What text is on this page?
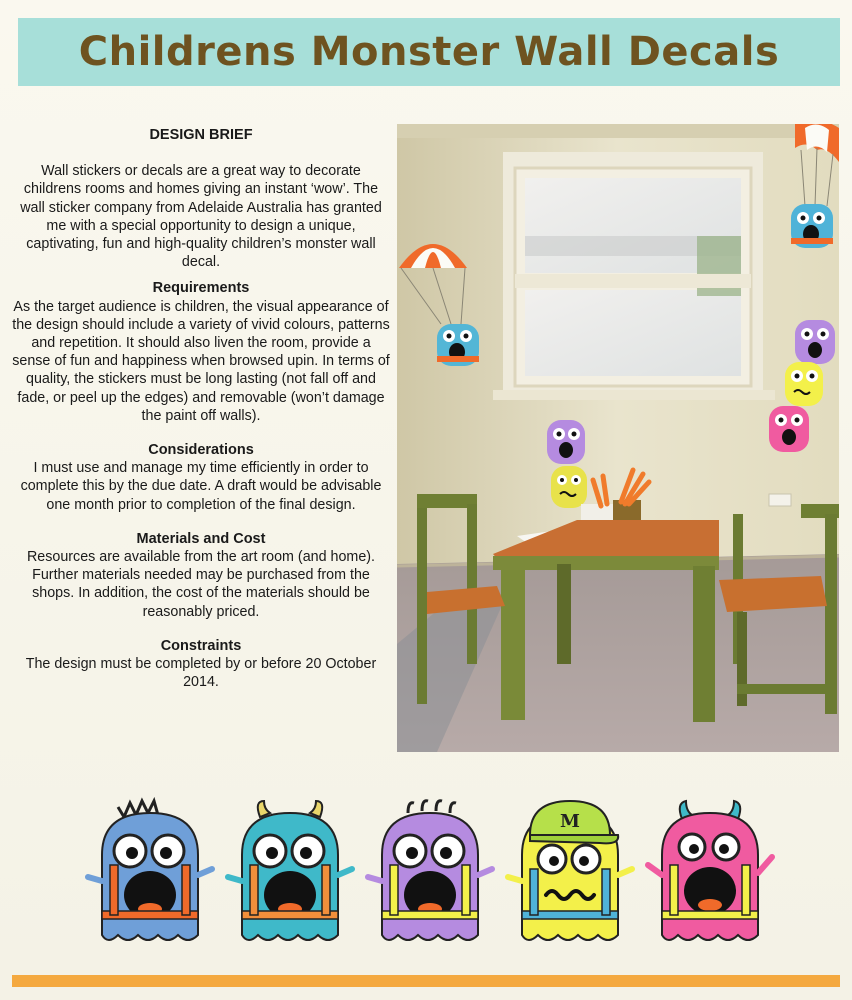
Childrens Monster Wall Decals
DESIGN BRIEF

Wall stickers or decals are a great way to decorate childrens rooms and homes giving an instant ‘wow’. The wall sticker company from Adelaide Australia has granted me with a special opportunity to design a unique, captivating, fun and high-quality children’s monster wall decal.

Requirements

As the target audience is children, the visual appearance of the design should include a variety of vivid colours, patterns and repetition. It should also liven the room, provide a sense of fun and happiness when browsed upin. In terms of quality, the stickers must be long lasting (not fall off and fade, or peel up the edges) and removable (won’t damage the paint off walls).

Considerations

I must use and manage my time efficiently in order to complete this by the due date. A draft would be advisable one month prior to completion of the final design.

Materials and Cost

Resources are available from the art room (and home). Further materials needed may be purchased from the shops. In addition, the cost of the materials should be reasonably priced.

Constraints

The design must be completed by or before 20 October 2014.

M
